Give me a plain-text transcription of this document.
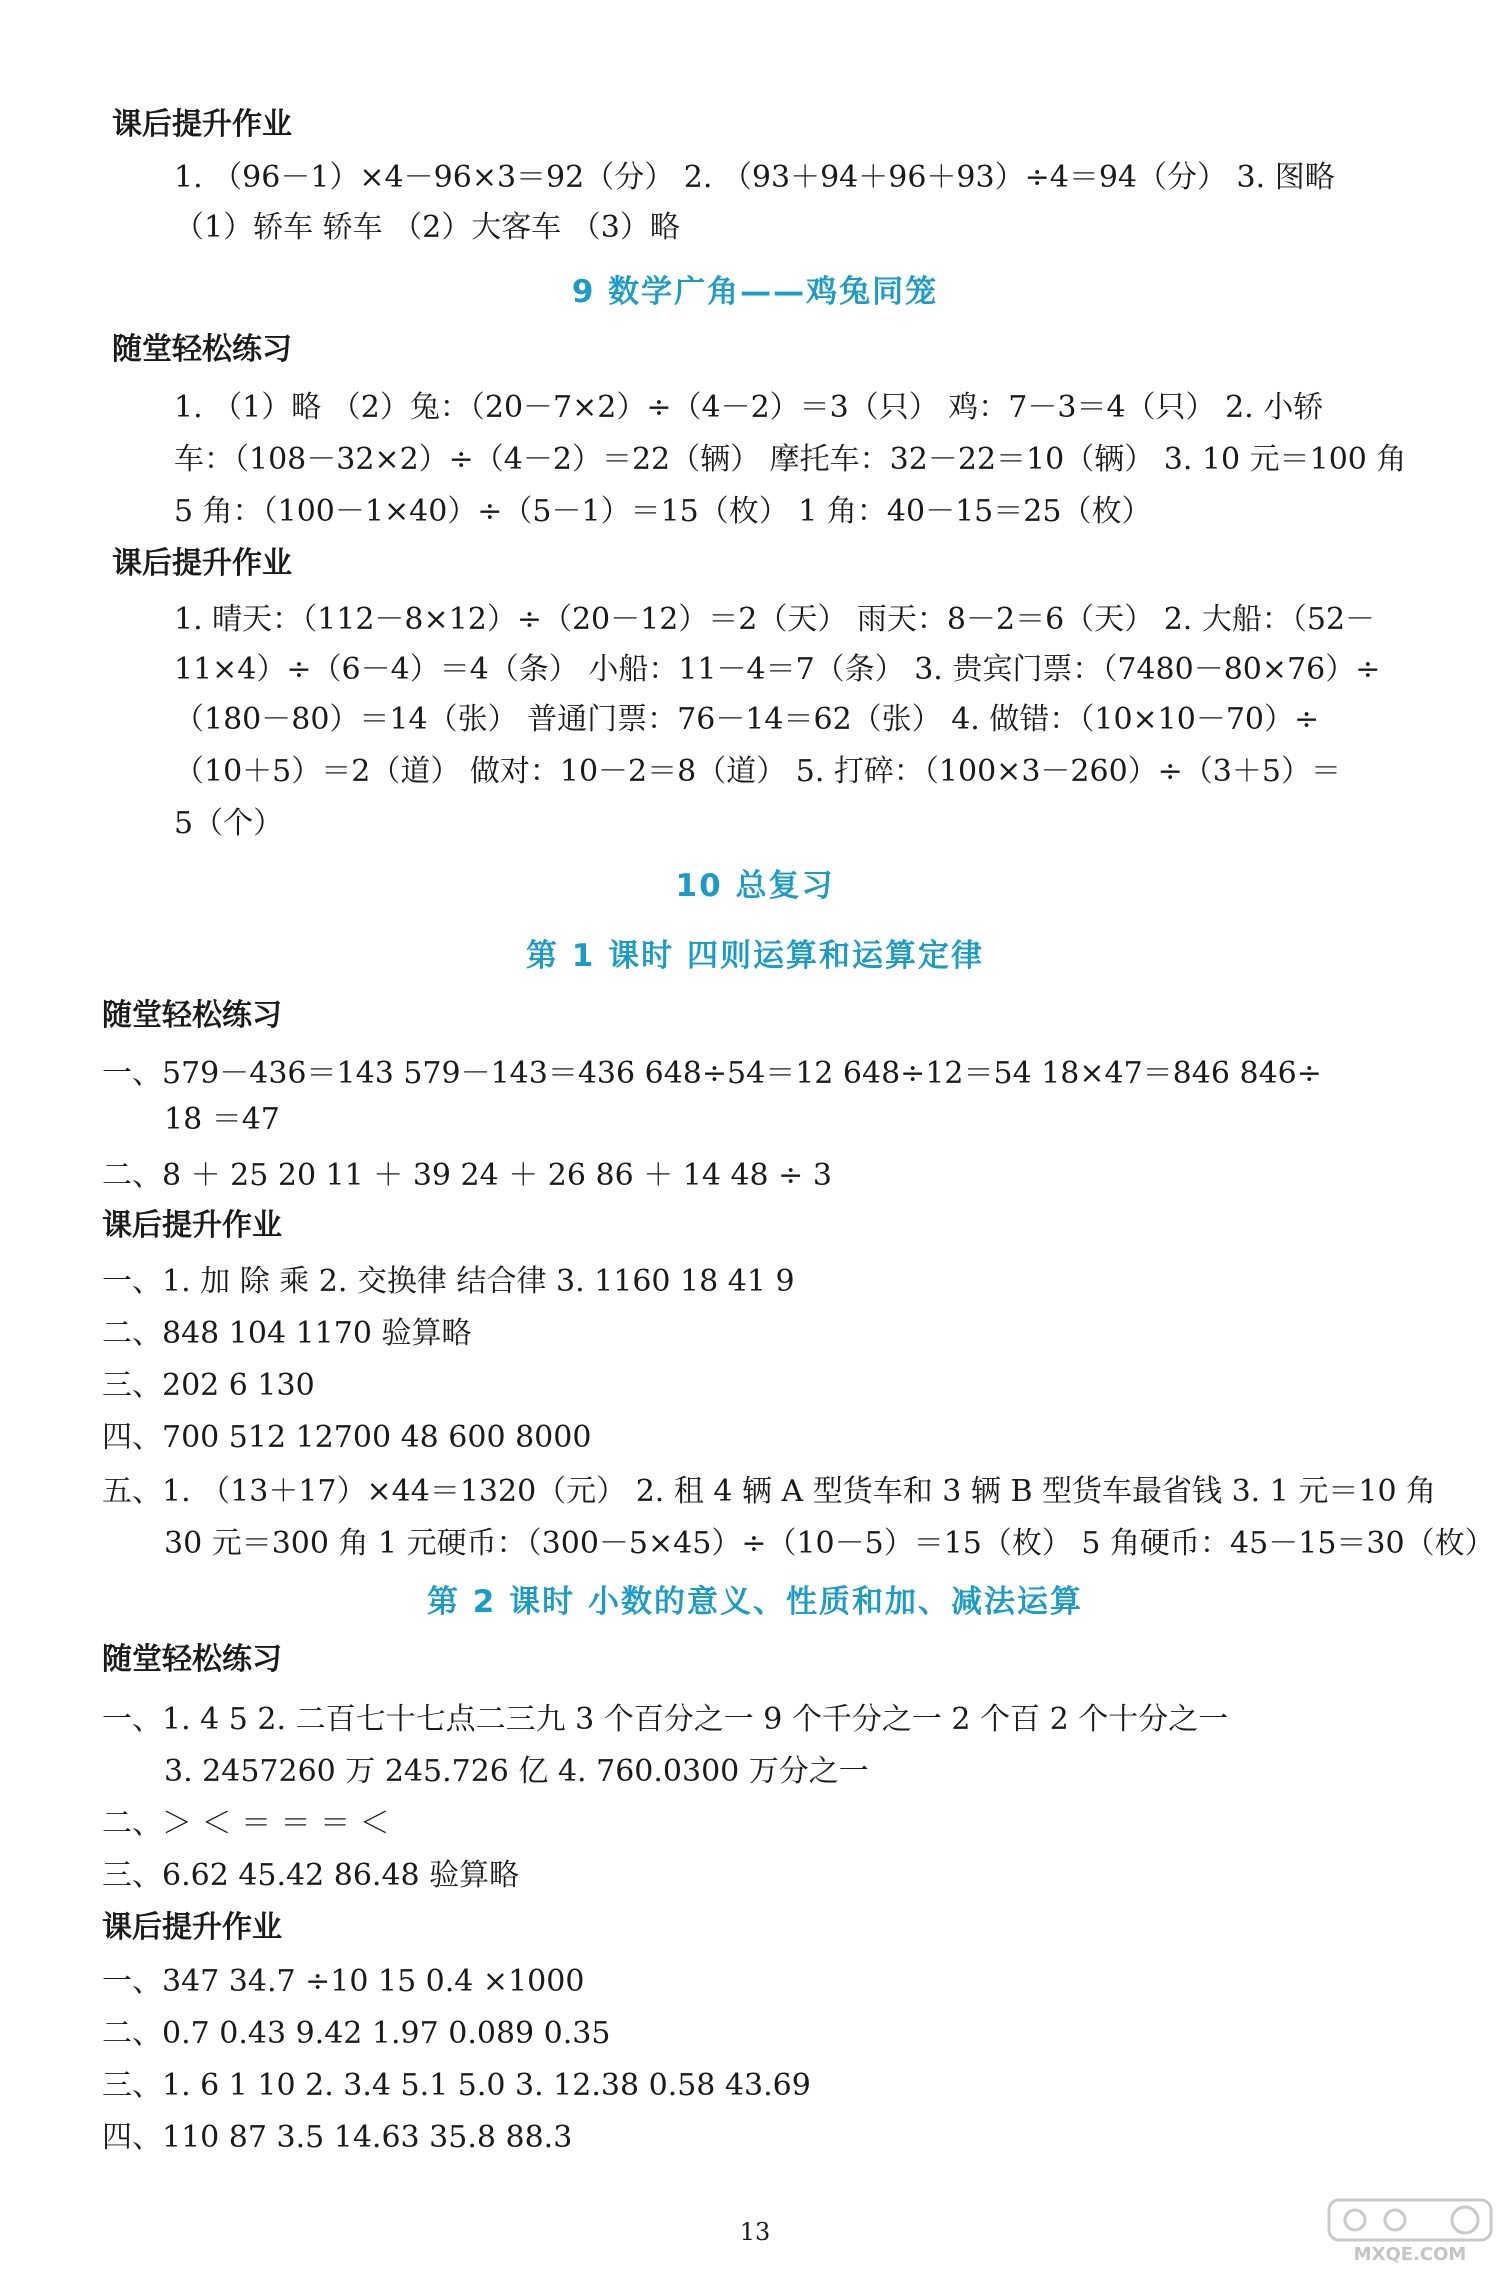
课后提升作业
1. （96－1）×4－96×3＝92（分） 2. （93＋94＋96＋93）÷4＝94（分） 3. 图略
（1）轿车 轿车 （2）大客车 （3）略
9 数学广角——鸡兔同笼
随堂轻松练习
1. （1）略 （2）兔：（20－7×2）÷（4－2）＝3（只） 鸡：7－3＝4（只） 2. 小轿
车：（108－32×2）÷（4－2）＝22（辆） 摩托车：32－22＝10（辆） 3. 10 元＝100 角
5 角：（100－1×40）÷（5－1）＝15（枚） 1 角：40－15＝25（枚）
课后提升作业
1. 晴天：（112－8×12）÷（20－12）＝2（天） 雨天：8－2＝6（天） 2. 大船：（52－
11×4）÷（6－4）＝4（条） 小船：11－4＝7（条） 3. 贵宾门票：（7480－80×76）÷
（180－80）＝14（张） 普通门票：76－14＝62（张） 4. 做错：（10×10－70）÷
（10＋5）＝2（道） 做对：10－2＝8（道） 5. 打碎：（100×3－260）÷（3＋5）＝
5（个）
10 总复习
第 1 课时 四则运算和运算定律
随堂轻松练习
一、579－436＝143 579－143＝436 648÷54＝12 648÷12＝54 18×47＝846 846÷
18 ＝47
二、8 ＋ 25 20 11 ＋ 39 24 ＋ 26 86 ＋ 14 48 ÷ 3
课后提升作业
一、1. 加 除 乘 2. 交换律 结合律 3. 1160 18 41 9
二、848 104 1170 验算略
三、202 6 130
四、700 512 12700 48 600 8000
五、1. （13＋17）×44＝1320（元） 2. 租 4 辆 A 型货车和 3 辆 B 型货车最省钱 3. 1 元＝10 角
30 元＝300 角 1 元硬币：（300－5×45）÷（10－5）＝15（枚） 5 角硬币：45－15＝30（枚）
第 2 课时 小数的意义、性质和加、减法运算
随堂轻松练习
一、1. 4 5 2. 二百七十七点二三九 3 个百分之一 9 个千分之一 2 个百 2 个十分之一
3. 2457260 万 245.726 亿 4. 760.0300 万分之一
二、＞ ＜ ＝ ＝ ＝ ＜
三、6.62 45.42 86.48 验算略
课后提升作业
一、347 34.7 ÷10 15 0.4 ×1000
二、0.7 0.43 9.42 1.97 0.089 0.35
三、1. 6 1 10 2. 3.4 5.1 5.0 3. 12.38 0.58 43.69
四、110 87 3.5 14.63 35.8 88.3
13
MXQE.COM
